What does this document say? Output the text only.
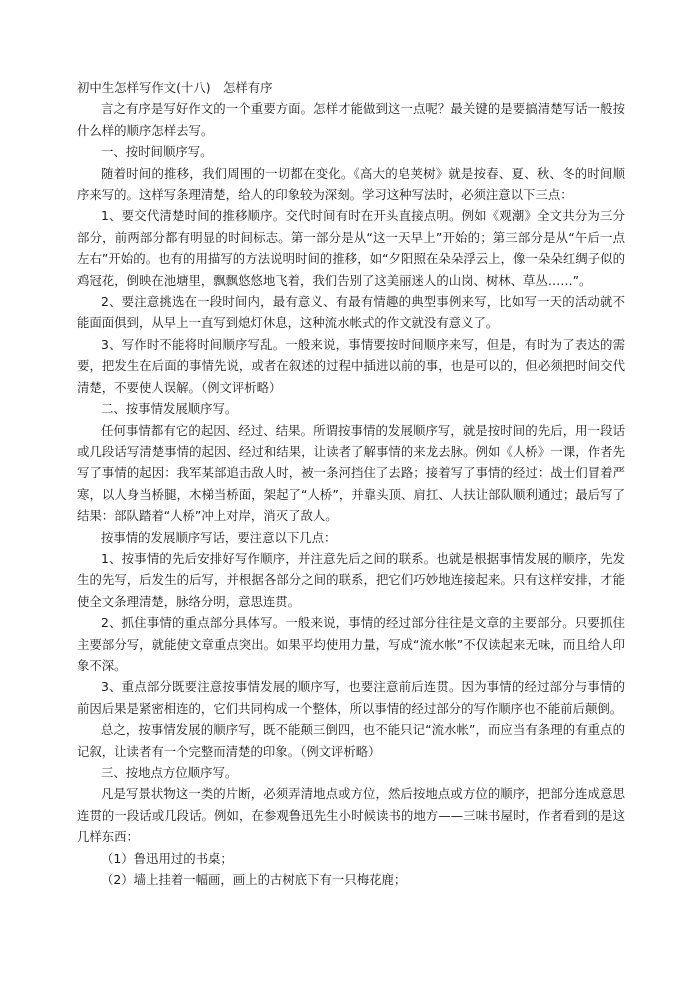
初中生怎样写作文(十八)　怎样有序

言之有序是写好作文的一个重要方面。怎样才能做到这一点呢？最关键的是要搞清楚写话一般按什么样的顺序怎样去写。

一、按时间顺序写。

随着时间的推移，我们周围的一切都在变化。《高大的皂荚树》就是按春、夏、秋、冬的时间顺序来写的。这样写条理清楚，给人的印象较为深刻。学习这种写法时，必须注意以下三点：

1、要交代清楚时间的推移顺序。交代时间有时在开头直接点明。例如《观潮》全文共分为三分部分，前两部分都有明显的时间标志。第一部分是从“这一天早上”开始的；第三部分是从“午后一点左右”开始的。也有的用描写的方法说明时间的推移，如“夕阳照在朵朵浮云上，像一朵朵红绸子似的鸡冠花，倒映在池塘里，飘飘悠悠地飞着，我们告别了这美丽迷人的山岗、树林、草丛……”。

2、要注意挑选在一段时间内，最有意义、有最有情趣的典型事例来写，比如写一天的活动就不能面面俱到，从早上一直写到熄灯休息，这种流水帐式的作文就没有意义了。

3、写作时不能将时间顺序写乱。一般来说，事情要按时间顺序来写，但是，有时为了表达的需要，把发生在后面的事情先说，或者在叙述的过程中插进以前的事，也是可以的，但必须把时间交代清楚，不要使人误解。（例文评析略）

二、按事情发展顺序写。

任何事情都有它的起因、经过、结果。所谓按事情的发展顺序写，就是按时间的先后，用一段话或几段话写清楚事情的起因、经过和结果，让读者了解事情的来龙去脉。例如《人桥》一课，作者先写了事情的起因：我军某部追击敌人时，被一条河挡住了去路；接着写了事情的经过：战士们冒着严寒，以人身当桥腿，木梯当桥面，架起了“人桥”，并靠头顶、肩扛、人扶让部队顺利通过；最后写了结果：部队踏着“人桥”冲上对岸，消灭了敌人。

按事情的发展顺序写话，要注意以下几点：

1、按事情的先后安排好写作顺序，并注意先后之间的联系。也就是根据事情发展的顺序，先发生的先写，后发生的后写，并根据各部分之间的联系，把它们巧妙地连接起来。只有这样安排，才能使全文条理清楚，脉络分明，意思连贯。

2、抓住事情的重点部分具体写。一般来说，事情的经过部分往往是文章的主要部分。只要抓住主要部分写，就能使文章重点突出。如果平均使用力量，写成“流水帐”不仅读起来无味，而且给人印象不深。

3、重点部分既要注意按事情发展的顺序写，也要注意前后连贯。因为事情的经过部分与事情的前因后果是紧密相连的，它们共同构成一个整体，所以事情的经过部分的写作顺序也不能前后颠倒。

总之，按事情发展的顺序写，既不能颠三倒四，也不能只记“流水帐”，而应当有条理的有重点的记叙，让读者有一个完整而清楚的印象。（例文评析略）

三、按地点方位顺序写。

凡是写景状物这一类的片断，必须弄清地点或方位，然后按地点或方位的顺序，把部分连成意思连贯的一段话或几段话。例如，在参观鲁迅先生小时候读书的地方——三味书屋时，作者看到的是这几样东西：

（1）鲁迅用过的书桌；

（2）墙上挂着一幅画，画上的古树底下有一只梅花鹿；
